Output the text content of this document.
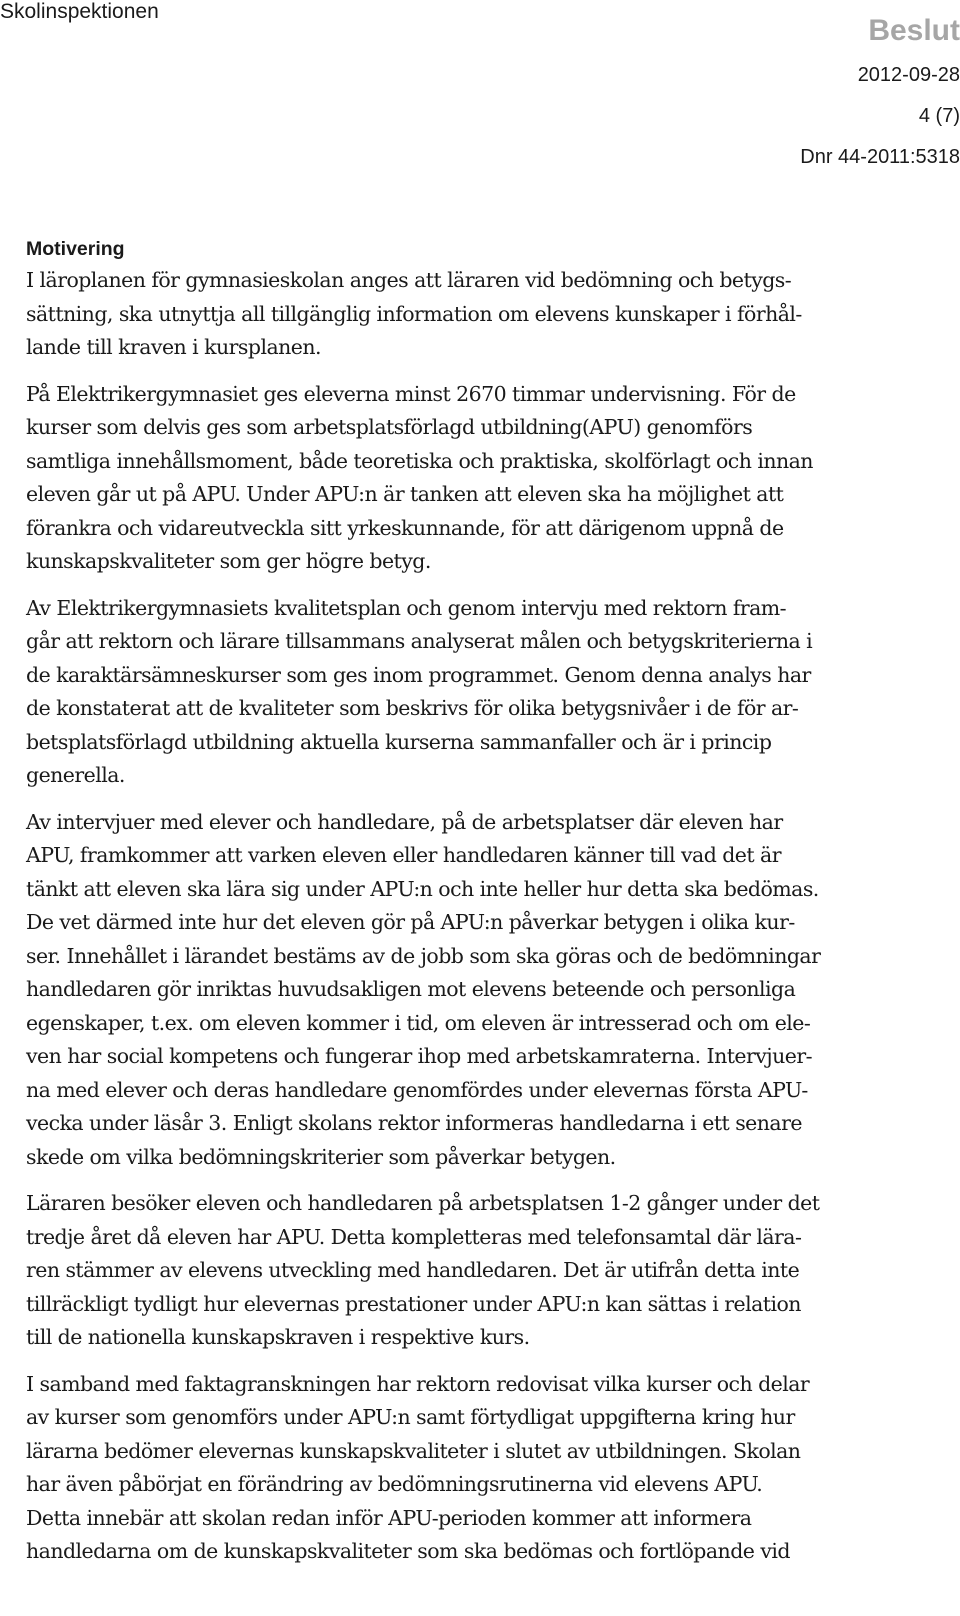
Skolinspektionen
Beslut
2012-09-28
4 (7)
Dnr 44-2011:5318
Motivering
I läroplanen för gymnasieskolan anges att läraren vid bedömning och betygs-
sättning, ska utnyttja all tillgänglig information om elevens kunskaper i förhål-
lande till kraven i kursplanen.
På Elektrikergymnasiet ges eleverna minst 2670 timmar undervisning. För de
kurser som delvis ges som arbetsplatsförlagd utbildning(APU) genomförs
samtliga innehållsmoment, både teoretiska och praktiska, skolförlagt och innan
eleven går ut på APU. Under APU:n är tanken att eleven ska ha möjlighet att
förankra och vidareutveckla sitt yrkeskunnande, för att därigenom uppnå de
kunskapskvaliteter som ger högre betyg.
Av Elektrikergymnasiets kvalitetsplan och genom intervju med rektorn fram-
går att rektorn och lärare tillsammans analyserat målen och betygskriterierna i
de karaktärsämneskurser som ges inom programmet. Genom denna analys har
de konstaterat att de kvaliteter som beskrivs för olika betygsnivåer i de för ar-
betsplatsförlagd utbildning aktuella kurserna sammanfaller och är i princip
generella.
Av intervjuer med elever och handledare, på de arbetsplatser där eleven har
APU, framkommer att varken eleven eller handledaren känner till vad det är
tänkt att eleven ska lära sig under APU:n och inte heller hur detta ska bedömas.
De vet därmed inte hur det eleven gör på APU:n påverkar betygen i olika kur-
ser. Innehållet i lärandet bestäms av de jobb som ska göras och de bedömningar
handledaren gör inriktas huvudsakligen mot elevens beteende och personliga
egenskaper, t.ex. om eleven kommer i tid, om eleven är intresserad och om ele-
ven har social kompetens och fungerar ihop med arbetskamraterna. Intervjuer-
na med elever och deras handledare genomfördes under elevernas första APU-
vecka under läsår 3. Enligt skolans rektor informeras handledarna i ett senare
skede om vilka bedömningskriterier som påverkar betygen.
Läraren besöker eleven och handledaren på arbetsplatsen 1-2 gånger under det
tredje året då eleven har APU. Detta kompletteras med telefonsamtal där lära-
ren stämmer av elevens utveckling med handledaren. Det är utifrån detta inte
tillräckligt tydligt hur elevernas prestationer under APU:n kan sättas i relation
till de nationella kunskapskraven i respektive kurs.
I samband med faktagranskningen har rektorn redovisat vilka kurser och delar
av kurser som genomförs under APU:n samt förtydligat uppgifterna kring hur
lärarna bedömer elevernas kunskapskvaliteter i slutet av utbildningen. Skolan
har även påbörjat en förändring av bedömningsrutinerna vid elevens APU.
Detta innebär att skolan redan inför APU-perioden kommer att informera
handledarna om de kunskapskvaliteter som ska bedömas och fortlöpande vid
